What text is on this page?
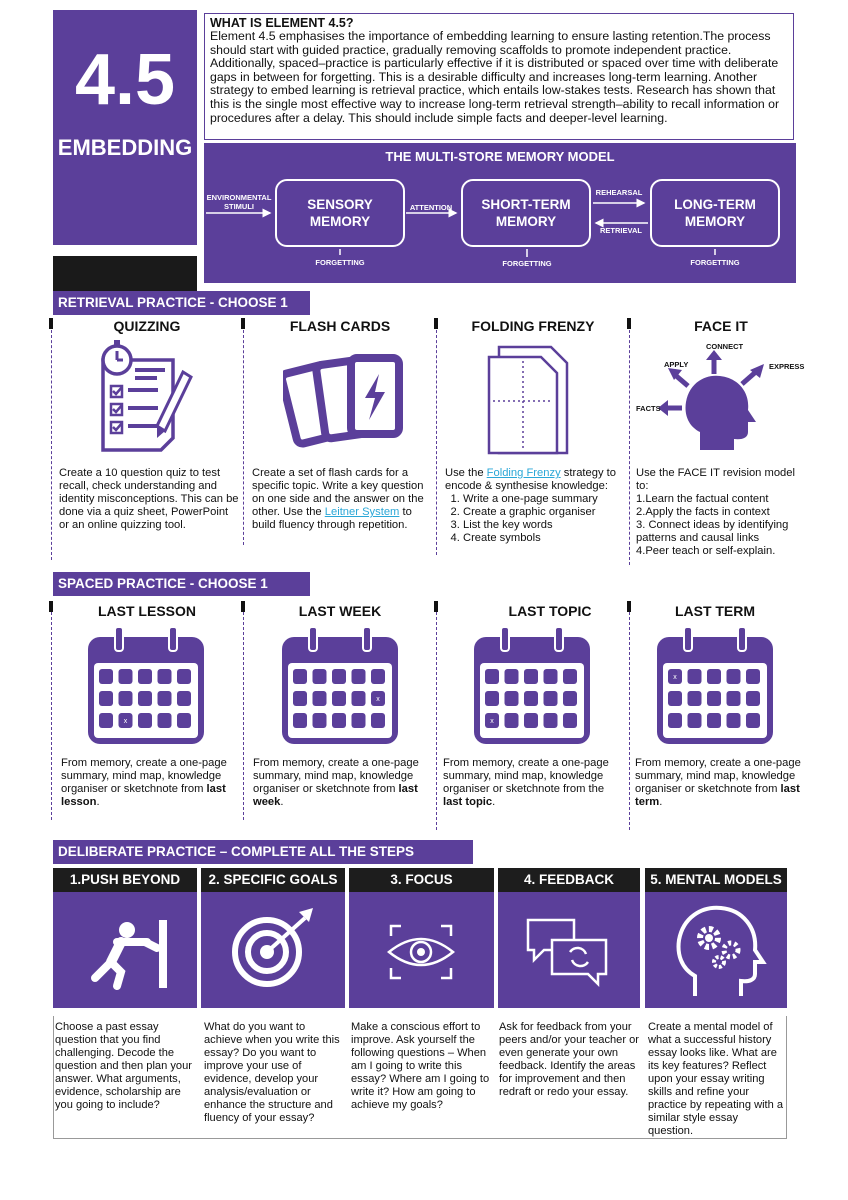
4.5
EMBEDDING
WHAT IS ELEMENT 4.5?
Element 4.5 emphasises the importance of embedding learning to ensure lasting retention.The process should start with guided practice, gradually removing scaffolds to promote independent practice. Additionally, spaced–practice is particularly effective if it is distributed or spaced over time with deliberate gaps in between for forgetting. This is a desirable difficulty and increases long-term learning. Another strategy to embed learning is retrieval practice, which entails low-stakes tests. Research has shown that this is the single most effective way to increase long-term retrieval strength–ability to recall information or procedures after a delay. This should include simple facts and deeper-level learning.
THE MULTI-STORE MEMORY MODEL
ENVIRONMENTAL STIMULI	SENSORY MEMORY
ATTENTION	SHORT-TERM MEMORY
REHEARSAL
RETRIEVAL
LONG-TERM MEMORY
FORGETTING	FORGETTING	FORGETTING
RETRIEVAL PRACTICE - CHOOSE 1
QUIZZING
Create a 10 question quiz to test recall, check understanding and identity misconceptions. This can be done via a quiz sheet, PowerPoint or an online quizzing tool.
FLASH CARDS
Create a set of flash cards for a specific topic. Write a key question on one side and the answer on the other. Use the Leitner System to build fluency through repetition.
FOLDING FRENZY
Use the Folding Frenzy strategy to encode & synthesise knowledge:
1. Write a one-page summary
2. Create a graphic organiser
3. List the key words
4. Create symbols
FACE IT
CONNECT
APPLY	EXPRESS
FACTS
Use the FACE IT revision model to:
1.Learn the factual content
2.Apply the facts in context
3. Connect ideas by identifying patterns and causal links
4.Peer teach or self-explain.
SPACED PRACTICE - CHOOSE 1
LAST LESSON	LAST WEEK	LAST TOPIC	LAST TERM
x
x
x
x
From memory, create a one-page summary, mind map, knowledge organiser or sketchnote from last lesson.
From memory, create a one-page summary, mind map, knowledge organiser or sketchnote from last week.
From memory, create a one-page summary, mind map, knowledge organiser or sketchnote from the last topic.
From memory, create a one-page summary, mind map, knowledge organiser or sketchnote from last term.
DELIBERATE PRACTICE – COMPLETE ALL THE STEPS
1.PUSH BEYOND	2. SPECIFIC GOALS	3. FOCUS	4. FEEDBACK	5. MENTAL MODELS
Choose a past essay question that you find challenging. Decode the question and then plan your answer. What arguments, evidence, scholarship are you going to include?
What do you want to achieve when you write this essay? Do you want to improve your use of evidence, develop your analysis/evaluation or enhance the structure and fluency of your essay?
Make a conscious effort to improve. Ask yourself the following questions – When am I going to write this essay? Where am I going to write it? How am going to achieve my goals?
Ask for feedback from your peers and/or your teacher or even generate your own feedback. Identify the areas for improvement and then redraft or redo your essay.
Create a mental model of what a successful history essay looks like. What are its key features? Reflect upon your essay writing skills and refine your practice by repeating with a similar style essay question.
